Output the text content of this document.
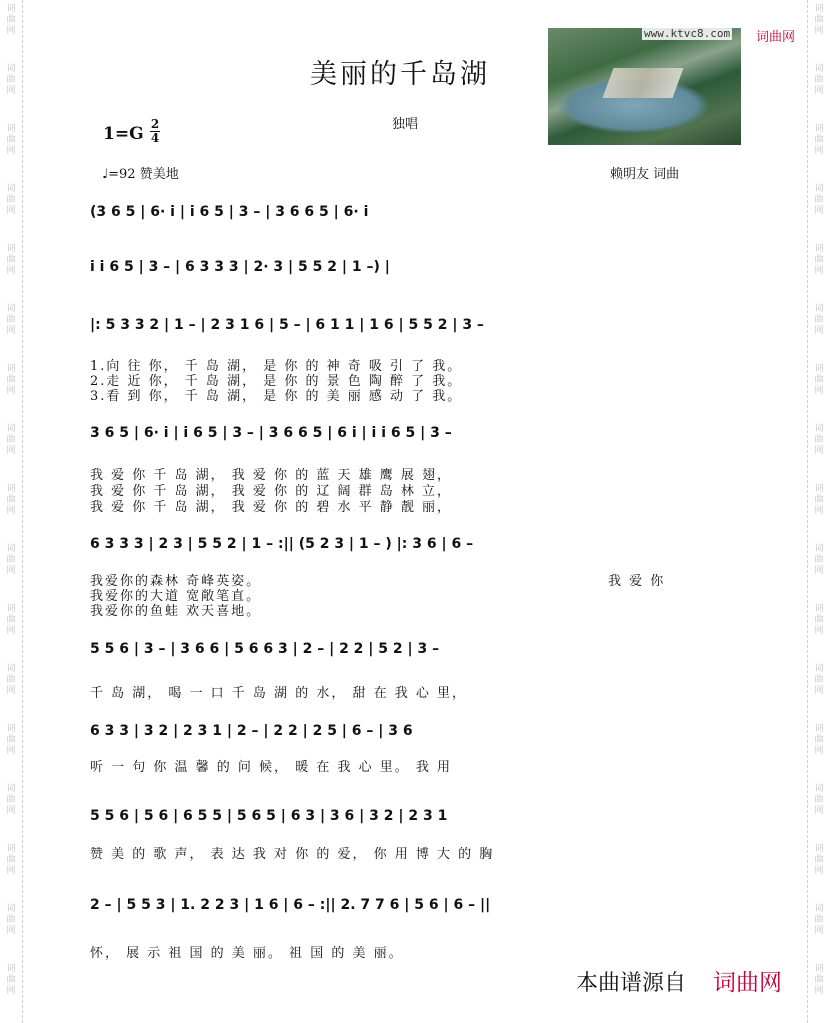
词
曲
网
词
曲
网
词
曲
网
词
曲
网
词
曲
网
词
曲
网
词
曲
网
词
曲
网
词
曲
网
词
曲
网
词
曲
网
词
曲
网
词
曲
网
词
曲
网
词
曲
网
词
曲
网
词
曲
网
词
曲
网
词
曲
网
词
曲
网
词
曲
网
词
曲
网
词
曲
网
词
曲
网
词
曲
网
词
曲
网
词
曲
网
词
曲
网
词
曲
网
词
曲
网
词
曲
网
词
曲
网
词
曲
网
词
曲
网
美丽的千岛湖
独唱
1=G 2
4
♩=92 赞美地	赖明友 词曲
www.ktvc8.com 词曲网
(3 6 5 | 6· i | i 6 5 | 3 – | 3 6 6 5 | 6· i
i i 6 5 | 3 – | 6 3 3 3 | 2· 3 | 5 5 2 | 1 –) |
|: 5 3 3 2 | 1 – | 2 3 1 6 | 5 – | 6 1 1 | 1 6 | 5 5 2 | 3 –
1.向 往 你， 千 岛 湖， 是 你 的 神 奇 吸 引 了 我。
2.走 近 你， 千 岛 湖， 是 你 的 景 色 陶 醉 了 我。
3.看 到 你， 千 岛 湖， 是 你 的 美 丽 感 动 了 我。
3 6 5 | 6· i | i 6 5 | 3 – | 3 6 6 5 | 6 i | i i 6 5 | 3 –
我 爱 你 千 岛 湖， 我 爱 你 的 蓝 天 雄 鹰 展 翅，
我 爱 你 千 岛 湖， 我 爱 你 的 辽 阔 群 岛 林 立，
我 爱 你 千 岛 湖， 我 爱 你 的 碧 水 平 静 靓 丽，
6 3 3 3 | 2 3 | 5 5 2 | 1 – :|| (5 2 3 | 1 – ) |: 3 6 | 6 –
我爱你的森林 奇峰英姿。	我 爱 你
我爱你的大道 宽敞笔直。
我爱你的鱼蛙 欢天喜地。
5 5 6 | 3 – | 3 6 6 | 5 6 6 3 | 2 – | 2 2 | 5 2 | 3 –
千 岛 湖， 喝 一 口 千 岛 湖 的 水， 甜 在 我 心 里，
6 3 3 | 3 2 | 2 3 1 | 2 – | 2 2 | 2 5 | 6 – | 3 6
听 一 句 你 温 馨 的 问 候， 暖 在 我 心 里。 我 用
5 5 6 | 5 6 | 6 5 5 | 5 6 5 | 6 3 | 3 6 | 3 2 | 2 3 1
赞 美 的 歌 声， 表 达 我 对 你 的 爱， 你 用 博 大 的 胸
2 – | 5 5 3 | 1. 2 2 3 | 1 6 | 6 – :|| 2. 7 7 6 | 5 6 | 6 – ||
怀， 展 示 祖 国 的 美 丽。 祖 国 的 美 丽。
本曲谱源自 词曲网
